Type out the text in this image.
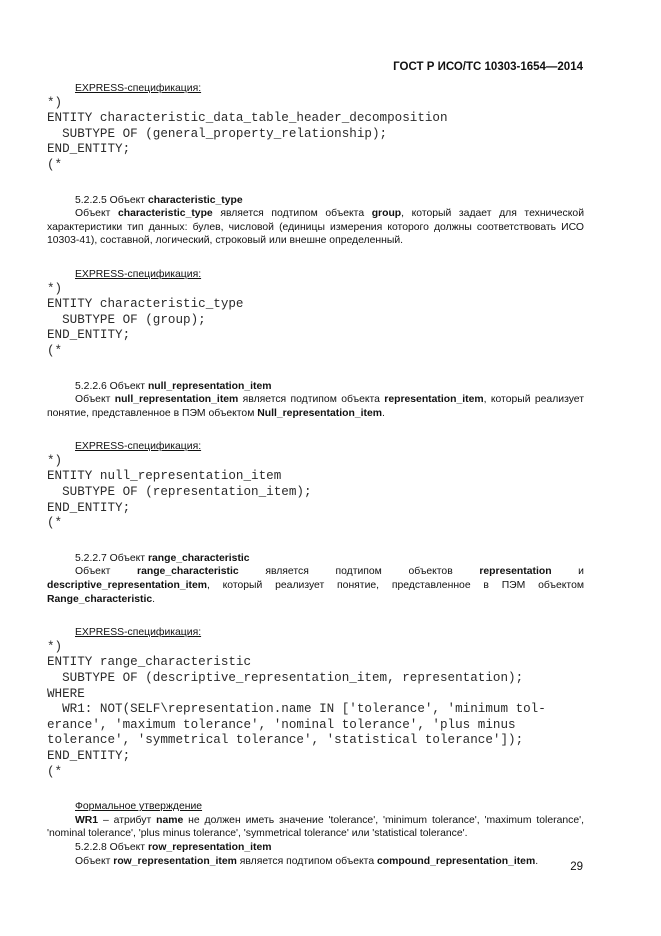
ГОСТ Р ИСО/ТС 10303-1654—2014
EXPRESS-спецификация:
*)
ENTITY characteristic_data_table_header_decomposition
SUBTYPE OF (general_property_relationship);
END_ENTITY;
(*
5.2.2.5 Объект characteristic_type
Объект characteristic_type является подтипом объекта group, который задает для технической характеристики тип данных: булев, числовой (единицы измерения которого должны соответствовать ИСО 10303-41), составной, логический, строковый или внешне определенный.
EXPRESS-спецификация:
*)
ENTITY characteristic_type
SUBTYPE OF (group);
END_ENTITY;
(*
5.2.2.6 Объект null_representation_item
Объект null_representation_item является подтипом объекта representation_item, который реализует понятие, представленное в ПЭМ объектом Null_representation_item.
EXPRESS-спецификация:
*)
ENTITY null_representation_item
SUBTYPE OF (representation_item);
END_ENTITY;
(*
5.2.2.7 Объект range_characteristic
Объект range_characteristic является подтипом объектов representation и descriptive_representation_item, который реализует понятие, представленное в ПЭМ объектом Range_characteristic.
EXPRESS-спецификация:
*)
ENTITY range_characteristic
SUBTYPE OF (descriptive_representation_item, representation);
WHERE
WR1: NOT(SELF\representation.name IN ['tolerance', 'minimum tol-
erance', 'maximum tolerance', 'nominal tolerance', 'plus minus
tolerance', 'symmetrical tolerance', 'statistical tolerance']);
END_ENTITY;
(*
Формальное утверждение
WR1 – атрибут name не должен иметь значение 'tolerance', 'minimum tolerance', 'maximum tolerance', 'nominal tolerance', 'plus minus tolerance', 'symmetrical tolerance' или 'statistical tolerance'.
5.2.2.8 Объект row_representation_item
Объект row_representation_item является подтипом объекта compound_representation_item.	29
